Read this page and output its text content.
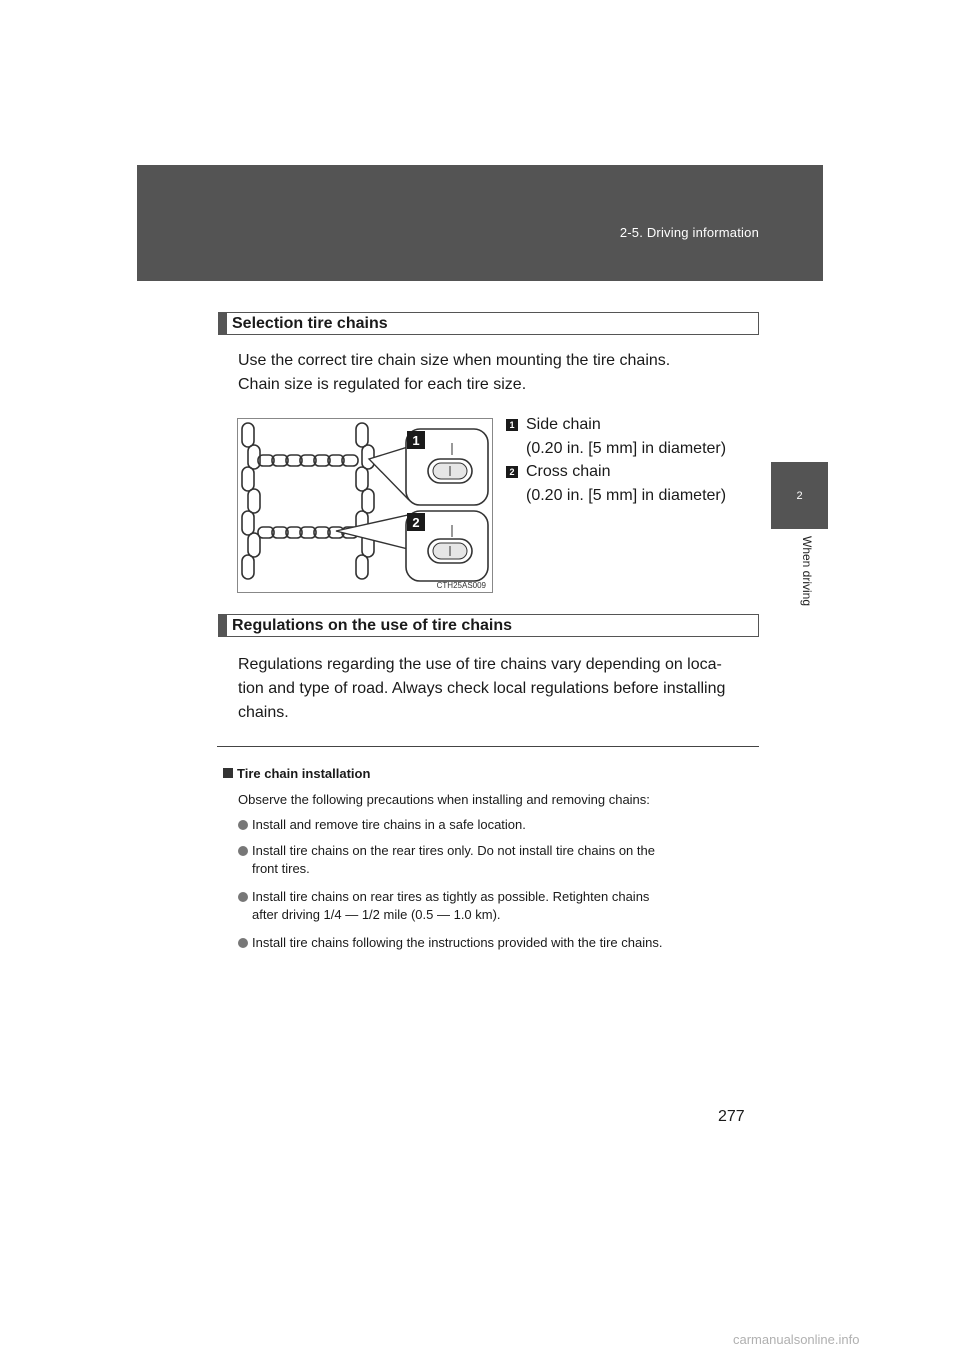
2-5. Driving information
2
When driving
Selection tire chains
Use the correct tire chain size when mounting the tire chains.
Chain size is regulated for each tire size.
1
2
CTH25AS009
1 Side chain
(0.20 in. [5 mm] in diameter)
2 Cross chain
(0.20 in. [5 mm] in diameter)
Regulations on the use of tire chains
Regulations regarding the use of tire chains vary depending on loca-
tion and type of road. Always check local regulations before installing
chains.
Tire chain installation
Observe the following precautions when installing and removing chains:
Install and remove tire chains in a safe location.
Install tire chains on the rear tires only. Do not install tire chains on the
front tires.
Install tire chains on rear tires as tightly as possible. Retighten chains
after driving 1/4 — 1/2 mile (0.5 — 1.0 km).
Install tire chains following the instructions provided with the tire chains.
277
carmanualsonline.info
